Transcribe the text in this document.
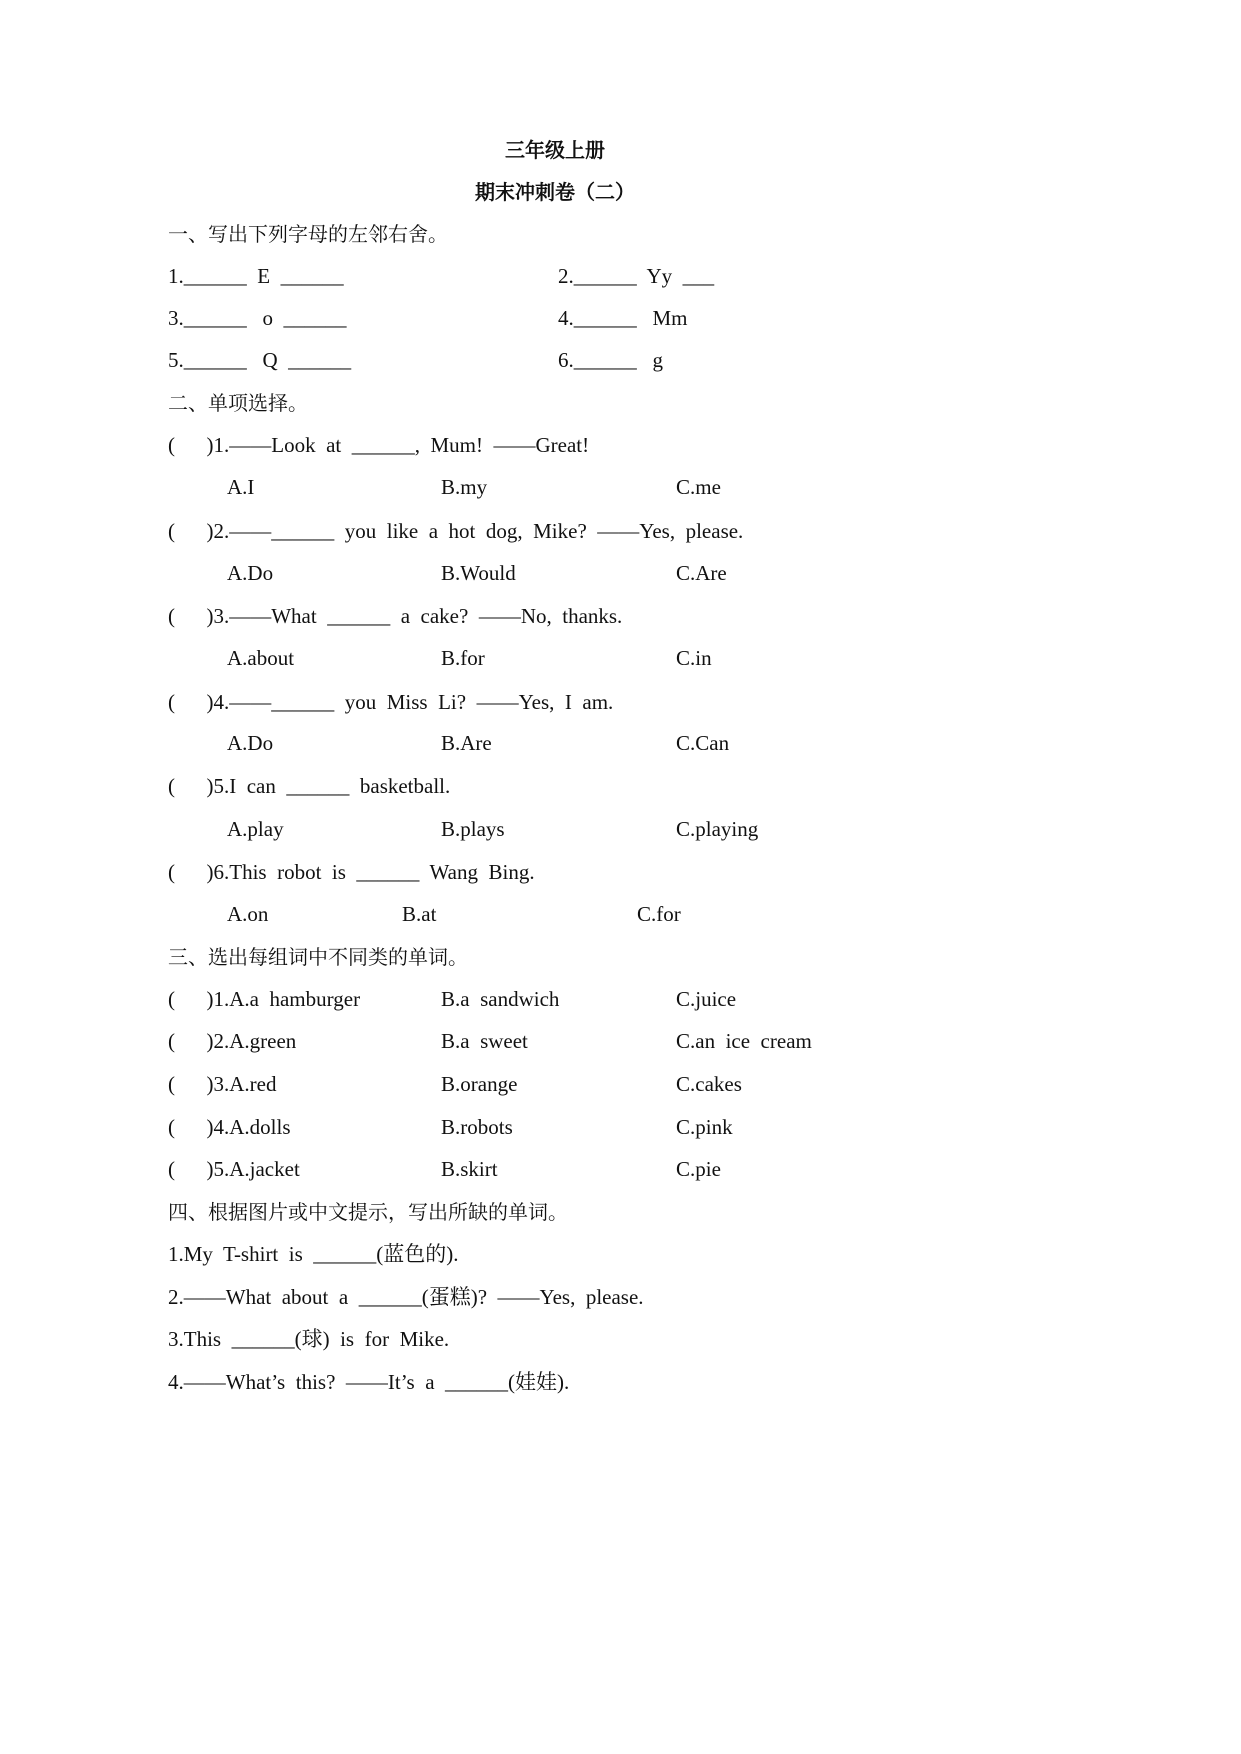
三年级上册
期末冲刺卷（二）
一、写出下列字母的左邻右舍。
1.______  E  ______	2.______  Yy  ___
3.______   o  ______	4.______   Mm
5.______   Q  ______	6.______   g
二、单项选择。
(      )1.——Look  at  ______,  Mum!  ——Great!
A.I	B.my	C.me
(      )2.——______  you  like  a  hot  dog,  Mike?  ——Yes,  please.
A.Do	B.Would	C.Are
(      )3.——What  ______  a  cake?  ——No,  thanks.
A.about	B.for	C.in
(      )4.——______  you  Miss  Li?  ——Yes,  I  am.
A.Do	B.Are	C.Can
(      )5.I  can  ______  basketball.
A.play	B.plays	C.playing
(      )6.This  robot  is  ______  Wang  Bing.
A.on	B.at	C.for
三、选出每组词中不同类的单词。
(      )1.A.a  hamburger	B.a  sandwich	C.juice
(      )2.A.green	B.a  sweet	C.an  ice  cream
(      )3.A.red	B.orange	C.cakes
(      )4.A.dolls	B.robots	C.pink
(      )5.A.jacket	B.skirt	C.pie
四、根据图片或中文提示，写出所缺的单词。
1.My  T-shirt  is  ______(蓝色的).
2.——What  about  a  ______(蛋糕)?  ——Yes,  please.
3.This  ______(球)  is  for  Mike.
4.——What’s  this?  ——It’s  a  ______(娃娃).
